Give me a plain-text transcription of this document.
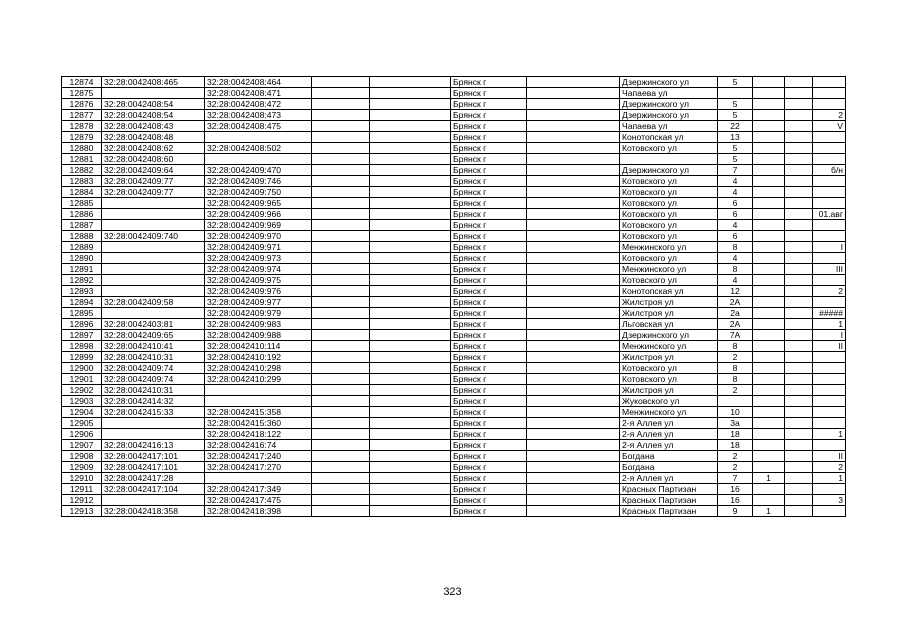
12874	32:28:0042408:465	32:28:0042408:464			Брянск г		Дзержинского ул	5			
12875		32:28:0042408:471			Брянск г		Чапаева ул				
12876	32:28:0042408:54	32:28:0042408:472			Брянск г		Дзержинского ул	5			
12877	32:28:0042408:54	32:28:0042408:473			Брянск г		Дзержинского ул	5			2
12878	32:28:0042408:43	32:28:0042408:475			Брянск г		Чапаева ул	22			V
12879	32:28:0042408:48				Брянск г		Конотопская ул	13			
12880	32:28:0042408:62	32:28:0042408:502			Брянск г		Котовского ул	5			
12881	32:28:0042408:60				Брянск г			5			
12882	32:28:0042409:64	32:28:0042409:470			Брянск г		Дзержинского ул	7			б/н
12883	32:28:0042409:77	32:28:0042409:746			Брянск г		Котовского ул	4			
12884	32:28:0042409:77	32:28:0042409:750			Брянск г		Котовского ул	4			
12885		32:28:0042409:965			Брянск г		Котовского ул	6			
12886		32:28:0042409:966			Брянск г		Котовского ул	6			01.авг
12887		32:28:0042409:969			Брянск г		Котовского ул	4			
12888	32:28:0042409:740	32:28:0042409:970			Брянск г		Котовского ул	6			
12889		32:28:0042409:971			Брянск г		Менжинского ул	8			I
12890		32:28:0042409:973			Брянск г		Котовского ул	4			
12891		32:28:0042409:974			Брянск г		Менжинского ул	8			III
12892		32:28:0042409:975			Брянск г		Котовского ул	4			
12893		32:28:0042409:976			Брянск г		Конотопская ул	12			2
12894	32:28:0042409:58	32:28:0042409:977			Брянск г		Жилстроя ул	2А			
12895		32:28:0042409:979			Брянск г		Жилстроя ул	2а			#####
12896	32:28:0042403:81	32:28:0042409:983			Брянск г		Льговская ул	2А			1
12897	32:28:0042409:65	32:28:0042409:988			Брянск г		Дзержинского ул	7А			I
12898	32:28:0042410:41	32:28:0042410:114			Брянск г		Менжинского ул	8			II
12899	32:28:0042410:31	32:28:0042410:192			Брянск г		Жилстроя ул	2			
12900	32:28:0042409:74	32:28:0042410:298			Брянск г		Котовского ул	8			
12901	32:28:0042409:74	32:28:0042410:299			Брянск г		Котовского ул	8			
12902	32:28:0042410:31				Брянск г		Жилстроя ул	2			
12903	32:28:0042414:32				Брянск г		Жуковского ул				
12904	32:28:0042415:33	32:28:0042415:358			Брянск г		Менжинского ул	10			
12905		32:28:0042415:360			Брянск г		2-я Аллея ул	3а			
12906		32:28:0042418:122			Брянск г		2-я Аллея ул	18			1
12907	32:28:0042416:13	32:28:0042416:74			Брянск г		2-я Аллея ул	18			
12908	32:28:0042417:101	32:28:0042417:240			Брянск г		Богдана	2			II
12909	32:28:0042417:101	32:28:0042417:270			Брянск г		Богдана	2			2
12910	32:28:0042417:28				Брянск г		2-я Аллея ул	7	1		1
12911	32:28:0042417:104	32:28:0042417:349			Брянск г		Красных Партизан	16			
12912		32:28:0042417:475			Брянск г		Красных Партизан	16			3
12913	32:28:0042418:358	32:28:0042418:398			Брянск г		Красных Партизан	9	1		
323
